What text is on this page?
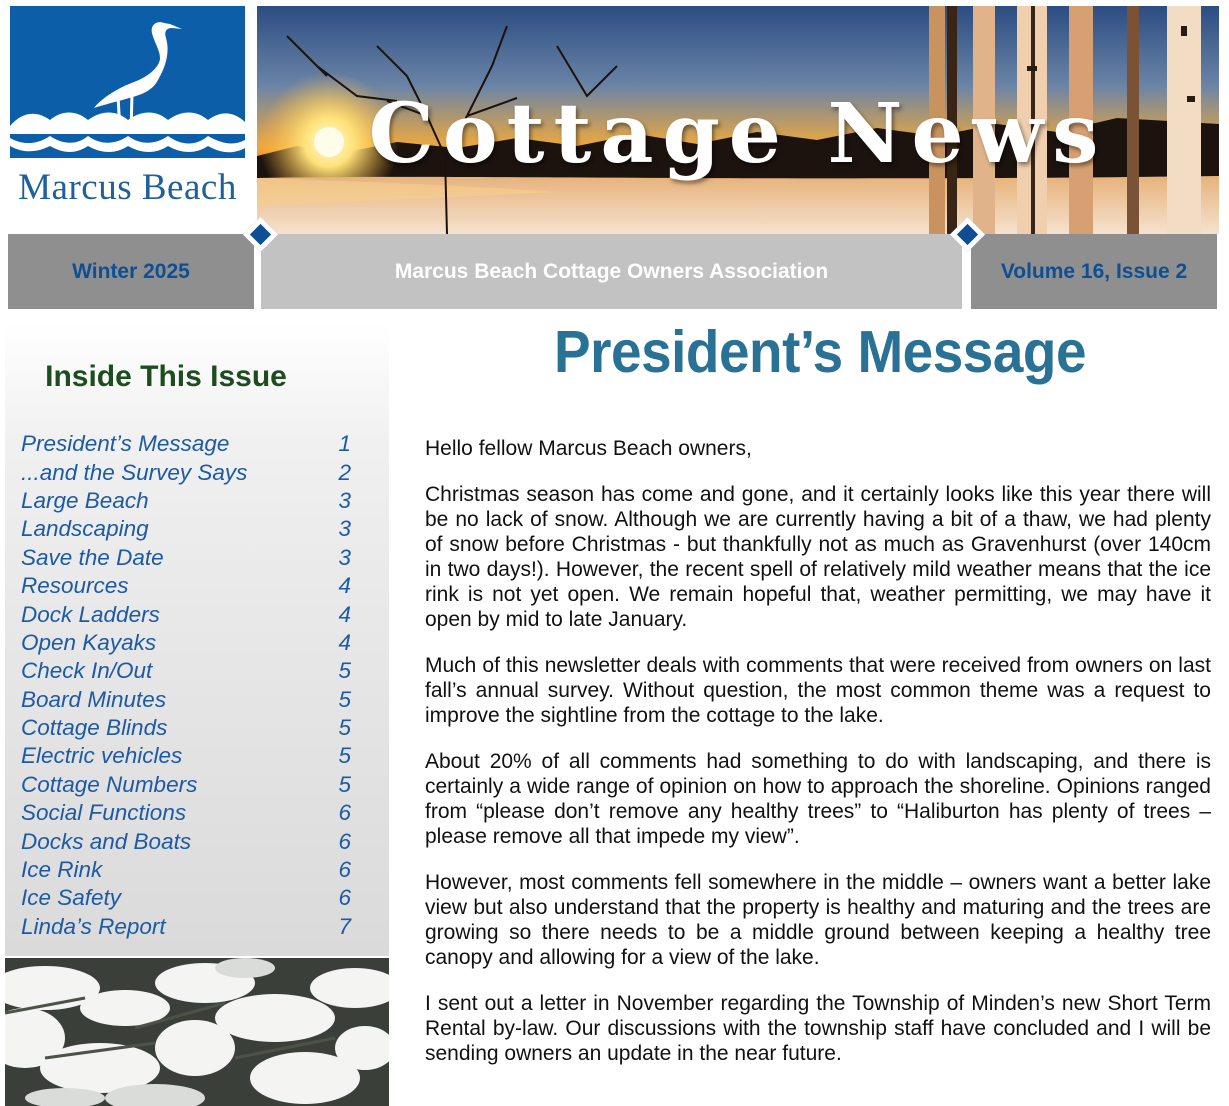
Marcus Beach
Cottage News
Winter 2025	Marcus Beach Cottage Owners Association	Volume 16, Issue 2
Inside This Issue
President’s Message	1
...and the Survey Says	2
Large Beach	3
Landscaping	3
Save the Date	3
Resources	4
Dock Ladders	4
Open Kayaks	4
Check In/Out	5
Board Minutes	5
Cottage Blinds	5
Electric vehicles	5
Cottage Numbers	5
Social Functions	6
Docks and Boats	6
Ice Rink	6
Ice Safety	6
Linda’s Report	7
President’s Message

Hello fellow Marcus Beach owners,

Christmas season has come and gone, and it certainly looks like this year there will be no lack of snow. Although we are currently having a bit of a thaw, we had plenty of snow before Christmas - but thankfully not as much as Gravenhurst (over 140cm in two days!). However, the recent spell of relatively mild weather means that the ice rink is not yet open. We remain hopeful that, weather permitting, we may have it open by mid to late January.

Much of this newsletter deals with comments that were received from owners on last fall’s annual survey. Without question, the most common theme was a request to improve the sightline from the cottage to the lake.

About 20% of all comments had something to do with landscaping, and there is certainly a wide range of opinion on how to approach the shoreline. Opinions ranged from “please don’t remove any healthy trees” to “Haliburton has plenty of trees – please remove all that impede my view”.

However, most comments fell somewhere in the middle – owners want a better lake view but also understand that the property is healthy and maturing and the trees are growing so there needs to be a middle ground between keeping a healthy tree canopy and allowing for a view of the lake.

I sent out a letter in November regarding the Township of Minden’s new Short Term Rental by-law. Our discussions with the township staff have concluded and I will be sending owners an update in the near future.
